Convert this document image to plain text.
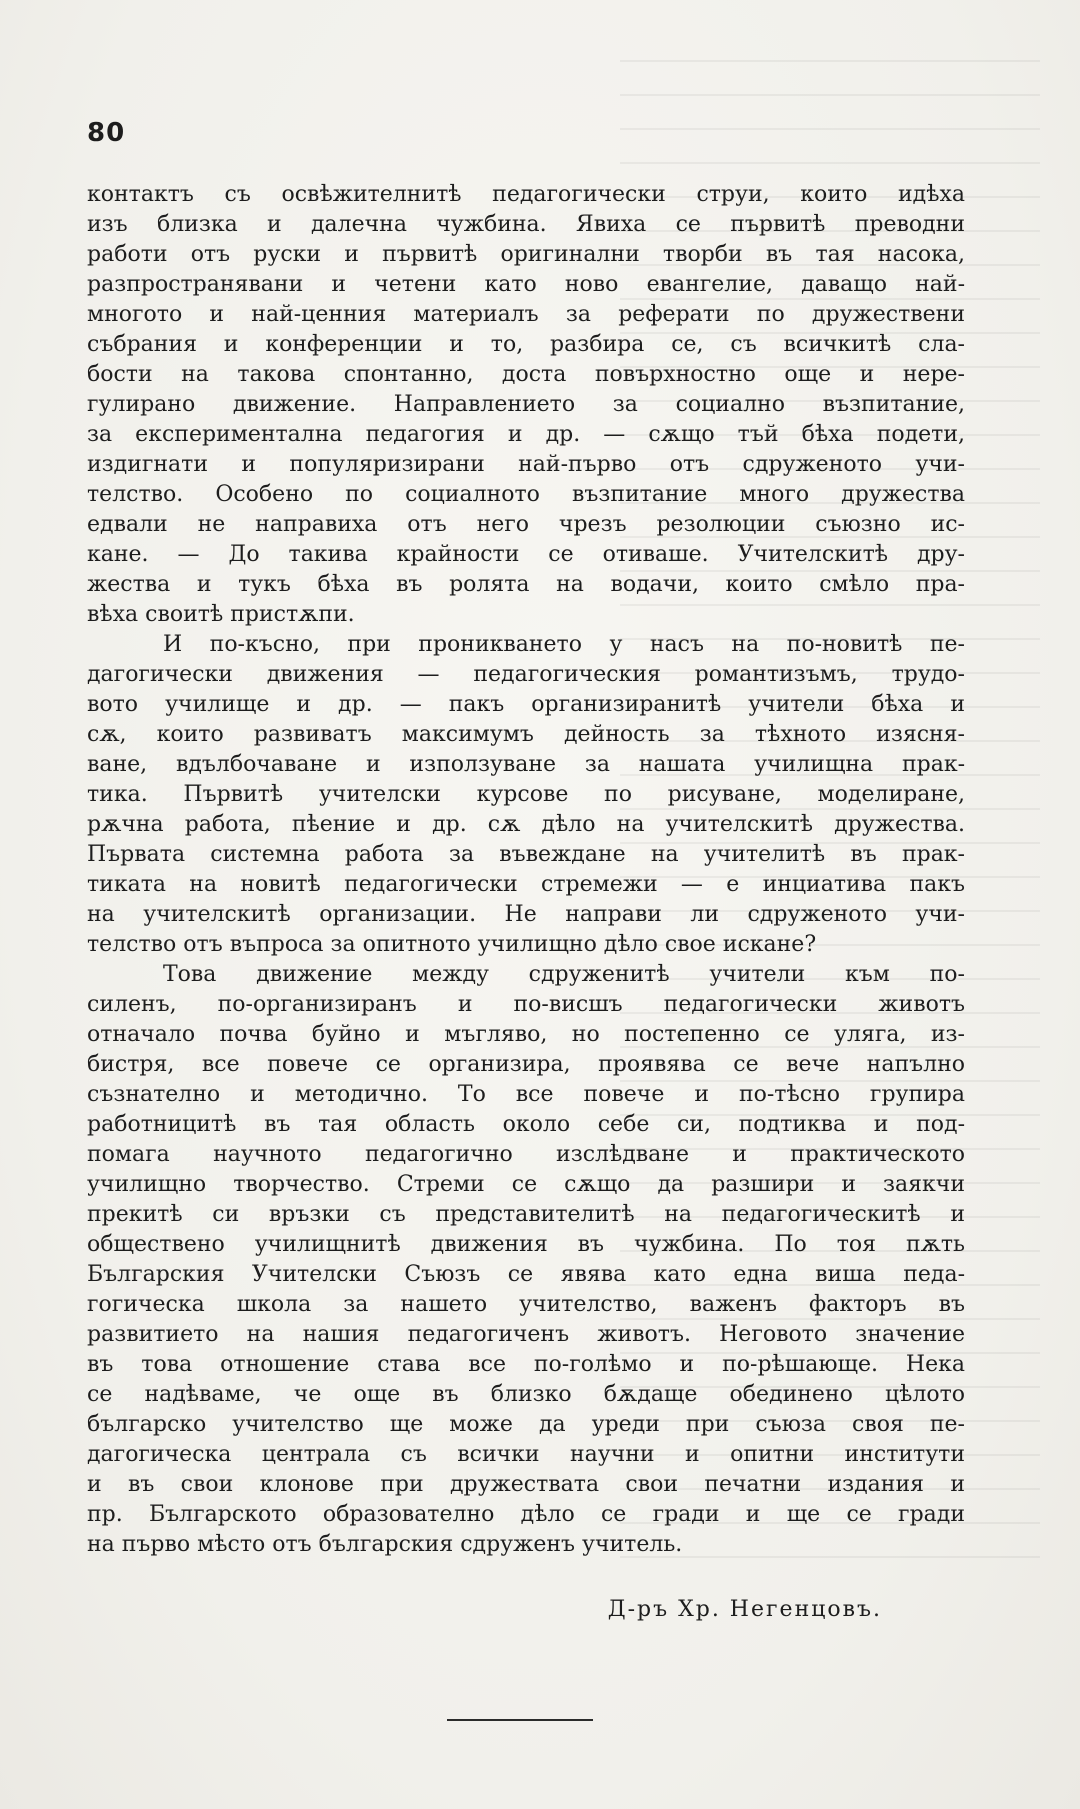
80
контактъ съ освѣжителнитѣ педагогически струи, които идѣха
изъ близка и далечна чужбина. Явиха се първитѣ преводни
работи отъ руски и първитѣ оригинални творби въ тая насока,
разпространявани и четени като ново евангелие, даващо най-
многото и най-ценния материалъ за реферати по дружествени
събрания и конференции и то, разбира се, съ всичкитѣ сла-
бости на такова спонтанно, доста повърхностно още и нере-
гулирано движение. Направлението за социално възпитание,
за експериментална педагогия и др. — сѫщо тъй бѣха подети,
издигнати и популяризирани най-първо отъ сдруженото учи-
телство. Особено по социалното възпитание много дружества
едвали не направиха отъ него чрезъ резолюции съюзно ис-
кане. — До такива крайности се отиваше. Учителскитѣ дру-
жества и тукъ бѣха въ ролята на водачи, които смѣло пра-
вѣха своитѣ пристѫпи.
И по-късно, при проникването у насъ на по-новитѣ пе-
дагогически движения — педагогическия романтизъмъ, трудо-
вото училище и др. — пакъ организиранитѣ учители бѣха и
сѫ, които развиватъ максимумъ дейность за тѣхното изясня-
ване, вдълбочаване и използуване за нашата училищна прак-
тика. Първитѣ учителски курсове по рисуване, моделиране,
рѫчна работа, пѣение и др. сѫ дѣло на учителскитѣ дружества.
Първата системна работа за въвеждане на учителитѣ въ прак-
тиката на новитѣ педагогически стремежи — е инциатива пакъ
на учителскитѣ организации. Не направи ли сдруженото учи-
телство отъ въпроса за опитното училищно дѣло свое искане?
Това движение между сдруженитѣ учители към по-
силенъ, по-организиранъ и по-висшъ педагогически животъ
отначало почва буйно и мъгляво, но постепенно се уляга, из-
бистря, все повече се организира, проявява се вече напълно
съзнателно и методично. То все повече и по-тѣсно групира
работницитѣ въ тая область около себе си, подтиква и под-
помага научното педагогично изслѣдване и практическото
училищно творчество. Стреми се сѫщо да разшири и заякчи
прекитѣ си връзки съ представителитѣ на педагогическитѣ и
обществено училищнитѣ движения въ чужбина. По тоя пѫть
Българския Учителски Съюзъ се явява като една виша педа-
гогическа школа за нашето учителство, важенъ факторъ въ
развитието на нашия педагогиченъ животъ. Неговото значение
въ това отношение става все по-голѣмо и по-рѣшающе. Нека
се надѣваме, че още въ близко бѫдаще обединено цѣлото
българско учителство ще може да уреди при съюза своя пе-
дагогическа централа съ всички научни и опитни институти
и въ свои клонове при дружествата свои печатни издания и
пр. Българското образователно дѣло се гради и ще се гради
на първо мѣсто отъ българския сдруженъ учитель.
Д-ръ Хр. Негенцовъ.
